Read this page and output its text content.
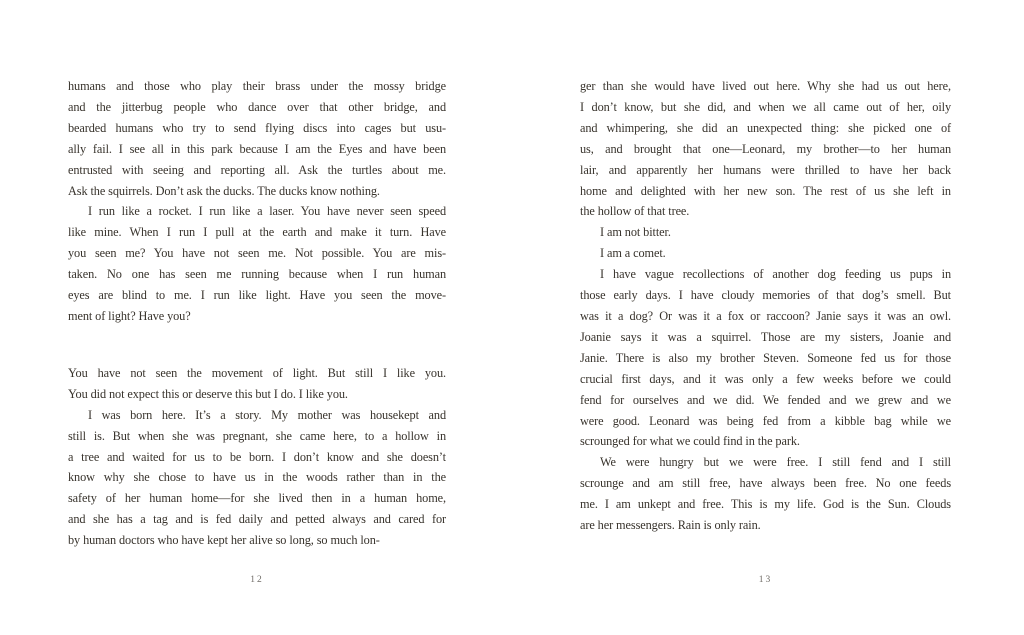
humans and those who play their brass under the mossy bridge
and the jitterbug people who dance over that other bridge, and
bearded humans who try to send flying discs into cages but usu-
ally fail. I see all in this park because I am the Eyes and have been
entrusted with seeing and reporting all. Ask the turtles about me.
Ask the squirrels. Don’t ask the ducks. The ducks know nothing.
I run like a rocket. I run like a laser. You have never seen speed
like mine. When I run I pull at the earth and make it turn. Have
you seen me? You have not seen me. Not possible. You are mis-
taken. No one has seen me running because when I run human
eyes are blind to me. I run like light. Have you seen the move-
ment of light? Have you?
You have not seen the movement of light. But still I like you.
You did not expect this or deserve this but I do. I like you.
I was born here. It’s a story. My mother was housekept and
still is. But when she was pregnant, she came here, to a hollow in
a tree and waited for us to be born. I don’t know and she doesn’t
know why she chose to have us in the woods rather than in the
safety of her human home—for she lived then in a human home,
and she has a tag and is fed daily and petted always and cared for
by human doctors who have kept her alive so long, so much lon-
ger than she would have lived out here. Why she had us out here,
I don’t know, but she did, and when we all came out of her, oily
and whimpering, she did an unexpected thing: she picked one of
us, and brought that one—Leonard, my brother—to her human
lair, and apparently her humans were thrilled to have her back
home and delighted with her new son. The rest of us she left in
the hollow of that tree.
I am not bitter.
I am a comet.
I have vague recollections of another dog feeding us pups in
those early days. I have cloudy memories of that dog’s smell. But
was it a dog? Or was it a fox or raccoon? Janie says it was an owl.
Joanie says it was a squirrel. Those are my sisters, Joanie and
Janie. There is also my brother Steven. Someone fed us for those
crucial first days, and it was only a few weeks before we could
fend for ourselves and we did. We fended and we grew and we
were good. Leonard was being fed from a kibble bag while we
scrounged for what we could find in the park.
We were hungry but we were free. I still fend and I still
scrounge and am still free, have always been free. No one feeds
me. I am unkept and free. This is my life. God is the Sun. Clouds
are her messengers. Rain is only rain.
12	13
